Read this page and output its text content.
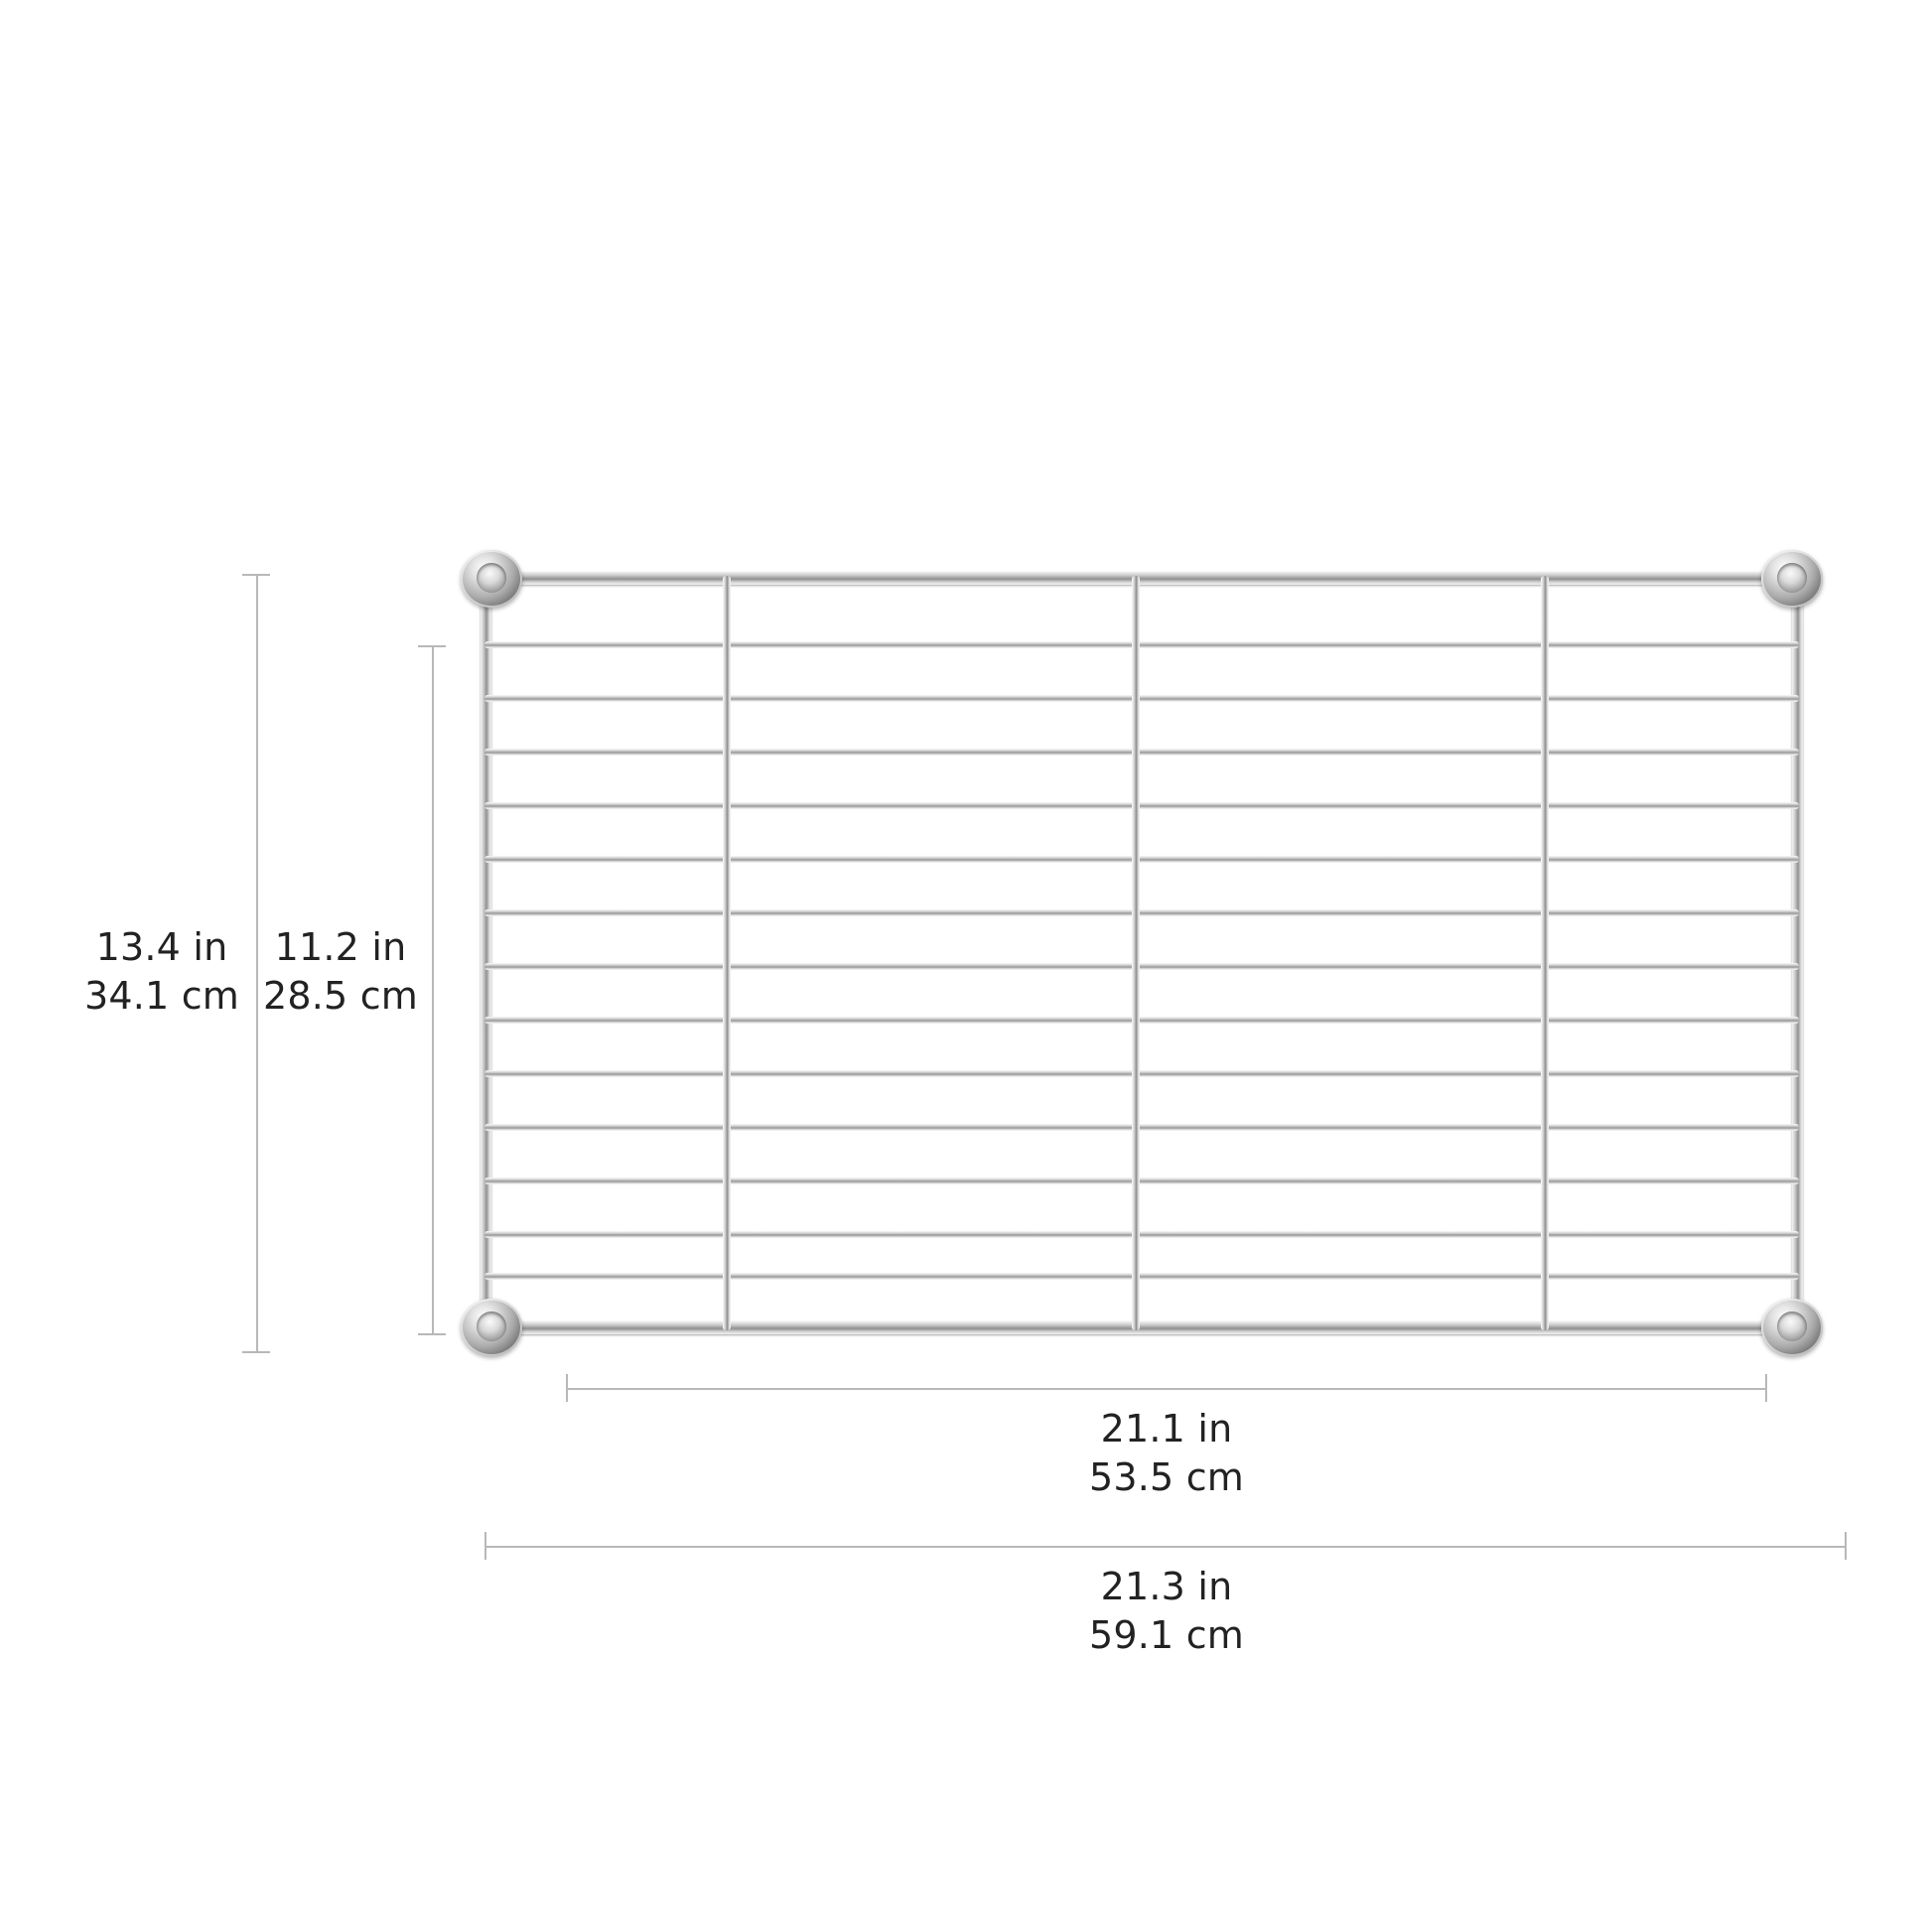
13.4 in
34.1 cm
11.2 in
28.5 cm
21.1 in
53.5 cm
21.3 in
59.1 cm
